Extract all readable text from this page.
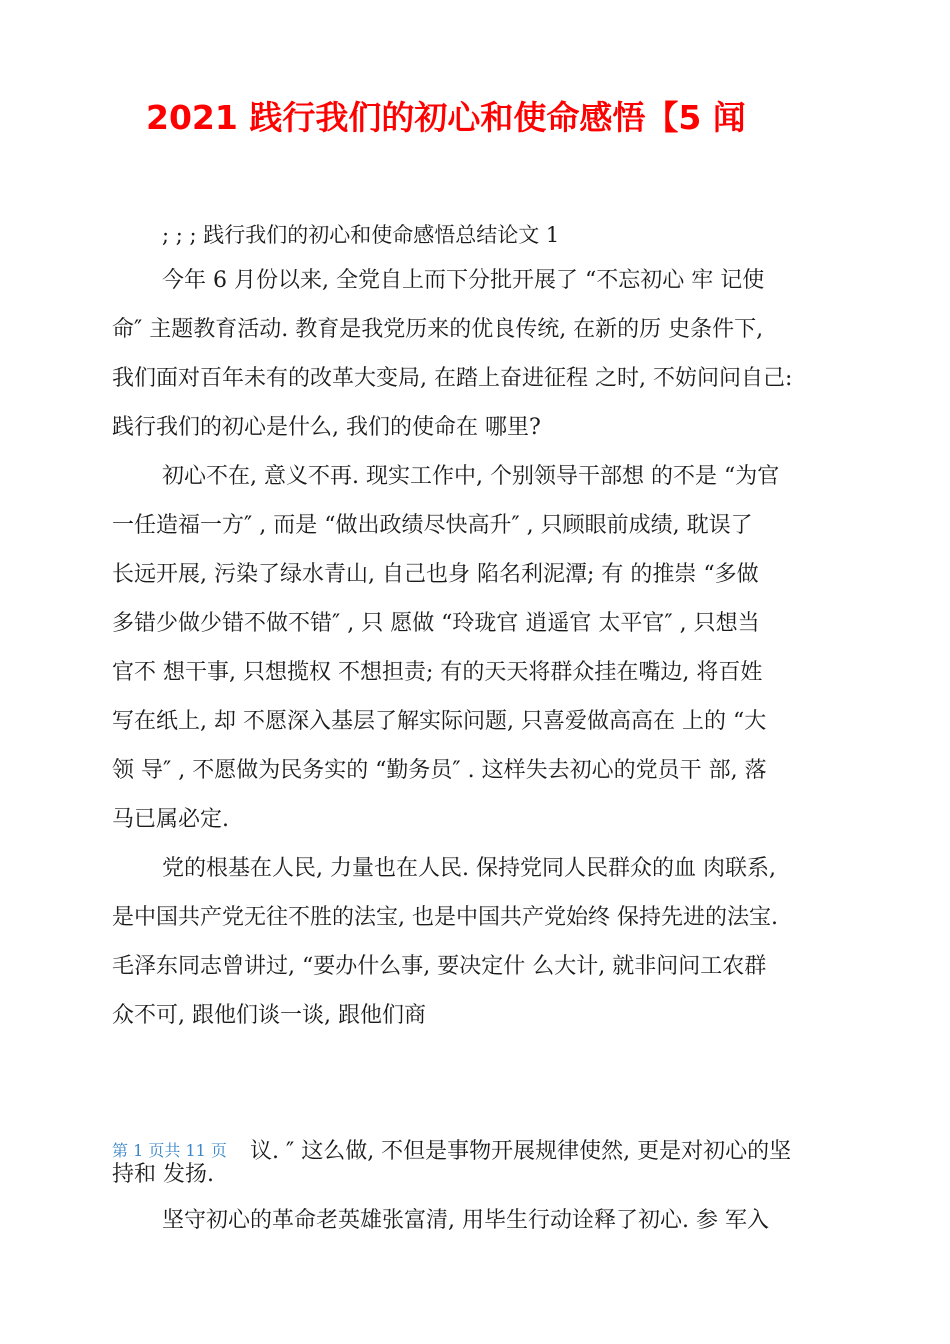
2021 践行我们的初心和使命感悟【5 闻
; ; ; 践行我们的初心和使命感悟总结论文 1
今年 6 月份以来, 全党自上而下分批开展了 “不忘初心 牢 记使
命″ 主题教育活动. 教育是我党历来的优良传统, 在新的历 史条件下,
我们面对百年未有的改革大变局, 在踏上奋进征程 之时, 不妨问问自己:
践行我们的初心是什么, 我们的使命在 哪里?
初心不在, 意义不再. 现实工作中, 个别领导干部想 的不是 “为官
一任造福一方″ , 而是 “做出政绩尽快高升″ , 只顾眼前成绩, 耽误了
长远开展, 污染了绿水青山, 自己也身 陷名利泥潭; 有 的推崇 “多做
多错少做少错不做不错″ , 只 愿做 “玲珑官 逍遥官 太平官″ , 只想当
官不 想干事, 只想揽权 不想担责; 有的天天将群众挂在嘴边, 将百姓
写在纸上, 却 不愿深入基层了解实际问题, 只喜爱做高高在 上的 “大
领 导″ , 不愿做为民务实的 “勤务员″ . 这样失去初心的党员干 部, 落
马已属必定.
党的根基在人民, 力量也在人民. 保持党同人民群众的血 肉联系,
是中国共产党无往不胜的法宝, 也是中国共产党始终 保持先进的法宝.
毛泽东同志曾讲过, “要办什么事, 要决定什 么大计, 就非问问工农群
众不可, 跟他们谈一谈, 跟他们商
第 1 页共 11 页 议. ″ 这么做, 不但是事物开展规律使然, 更是对初心的坚
持和 发扬.
坚守初心的革命老英雄张富清, 用毕生行动诠释了初心. 参 军入
